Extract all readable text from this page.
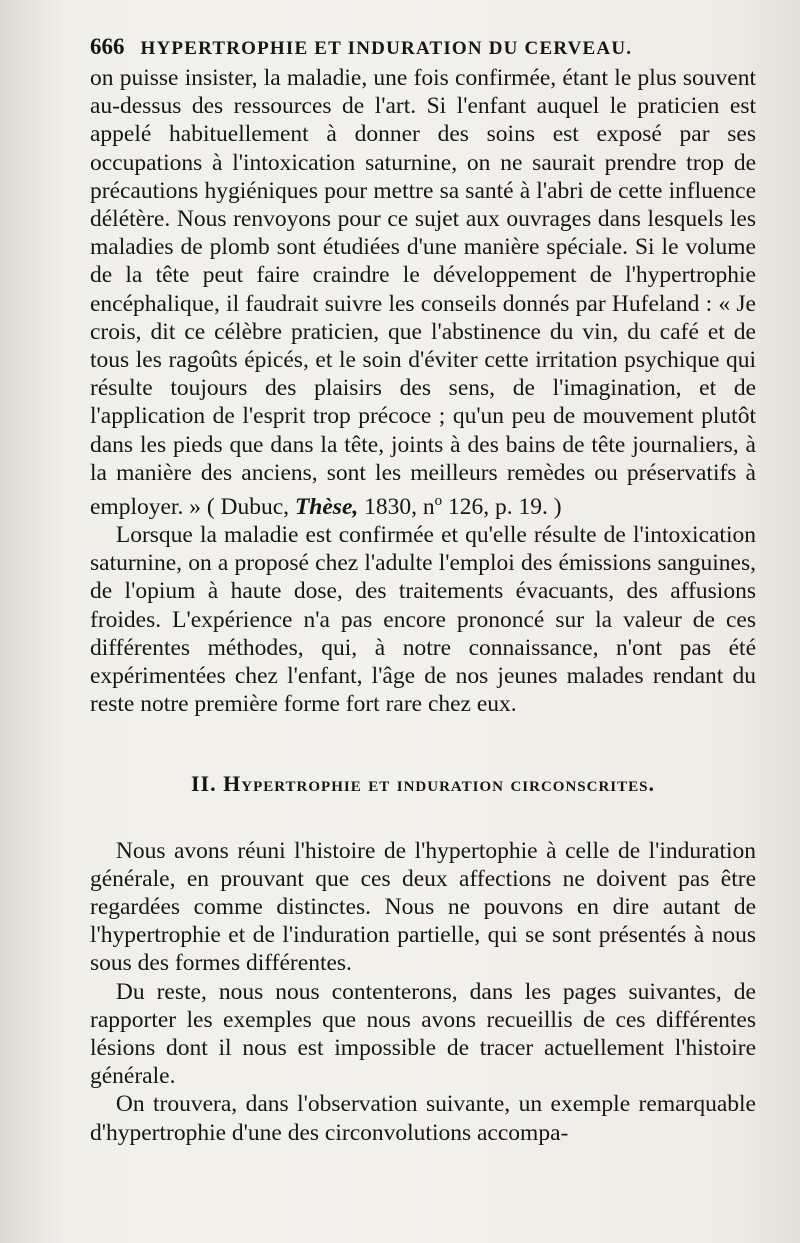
666 HYPERTROPHIE ET INDURATION DU CERVEAU.

on puisse insister, la maladie, une fois confirmée, étant le plus souvent au-dessus des ressources de l'art. Si l'enfant auquel le praticien est appelé habituellement à donner des soins est exposé par ses occupations à l'intoxication saturnine, on ne saurait prendre trop de précautions hygiéniques pour mettre sa santé à l'abri de cette influence délétère. Nous renvoyons pour ce sujet aux ouvrages dans lesquels les maladies de plomb sont étudiées d'une manière spéciale. Si le volume de la tête peut faire craindre le développement de l'hypertrophie encéphalique, il faudrait suivre les conseils donnés par Hufeland : « Je crois, dit ce célèbre praticien, que l'abstinence du vin, du café et de tous les ragoûts épicés, et le soin d'éviter cette irritation psychique qui résulte toujours des plaisirs des sens, de l'imagination, et de l'application de l'esprit trop précoce ; qu'un peu de mouvement plutôt dans les pieds que dans la tête, joints à des bains de tête journaliers, à la manière des anciens, sont les meilleurs remèdes ou préservatifs à employer. » ( Dubuc, Thèse, 1830, $n^o$ 126, p. 19. )

Lorsque la maladie est confirmée et qu'elle résulte de l'intoxication saturnine, on a proposé chez l'adulte l'emploi des émissions sanguines, de l'opium à haute dose, des traitements évacuants, des affusions froides. L'expérience n'a pas encore prononcé sur la valeur de ces différentes méthodes, qui, à notre connaissance, n'ont pas été expérimentées chez l'enfant, l'âge de nos jeunes malades rendant du reste notre première forme fort rare chez eux.

II. Hypertrophie et induration circonscrites.

Nous avons réuni l'histoire de l'hypertophie à celle de l'induration générale, en prouvant que ces deux affections ne doivent pas être regardées comme distinctes. Nous ne pouvons en dire autant de l'hypertrophie et de l'induration partielle, qui se sont présentés à nous sous des formes différentes.

Du reste, nous nous contenterons, dans les pages suivantes, de rapporter les exemples que nous avons recueillis de ces différentes lésions dont il nous est impossible de tracer actuellement l'histoire générale.

On trouvera, dans l'observation suivante, un exemple remarquable d'hypertrophie d'une des circonvolutions accompa-
